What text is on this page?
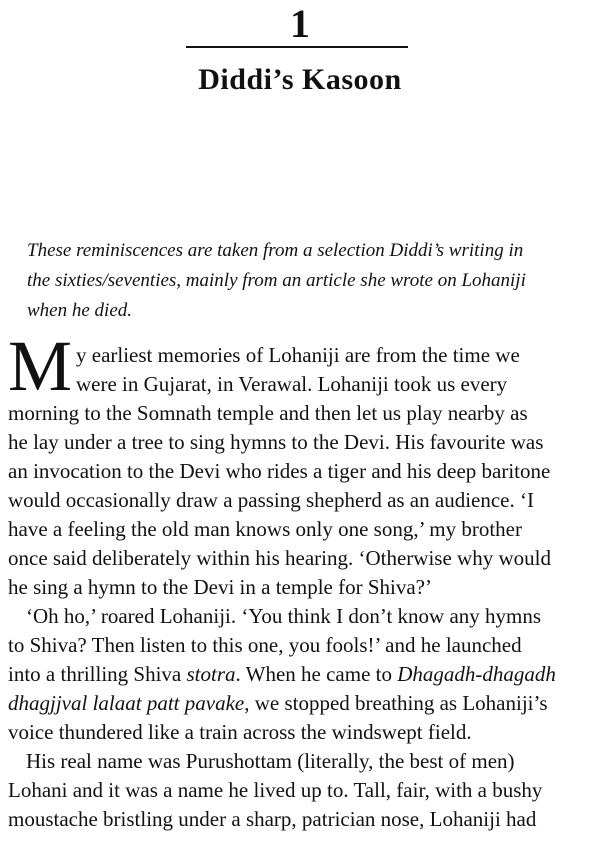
1
Diddi’s Kasoon
These reminiscences are taken from a selection Diddi’s writing in
the sixties/seventies, mainly from an article she wrote on Lohaniji
when he died.
M y earliest memories of Lohaniji are from the time we
were in Gujarat, in Verawal. Lohaniji took us every
morning to the Somnath temple and then let us play nearby as
he lay under a tree to sing hymns to the Devi. His favourite was
an invocation to the Devi who rides a tiger and his deep baritone
would occasionally draw a passing shepherd as an audience. ‘I
have a feeling the old man knows only one song,’ my brother
once said deliberately within his hearing. ‘Otherwise why would
he sing a hymn to the Devi in a temple for Shiva?’
‘Oh ho,’ roared Lohaniji. ‘You think I don’t know any hymns
to Shiva? Then listen to this one, you fools!’ and he launched
into a thrilling Shiva stotra. When he came to Dhagadh-dhagadh
dhagjjval lalaat patt pavake, we stopped breathing as Lohaniji’s
voice thundered like a train across the windswept field.
His real name was Purushottam (literally, the best of men)
Lohani and it was a name he lived up to. Tall, fair, with a bushy
moustache bristling under a sharp, patrician nose, Lohaniji had
